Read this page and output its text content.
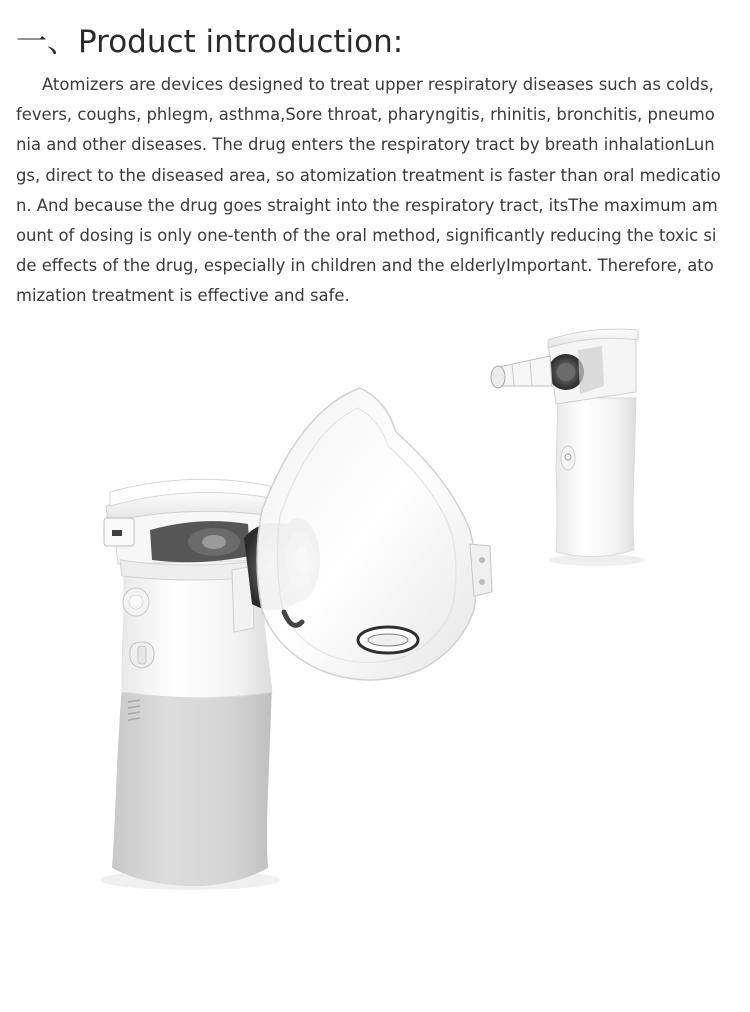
一、Product introduction:

Atomizers are devices designed to treat upper respiratory diseases such as colds, fevers, coughs, phlegm, asthma,Sore throat, pharyngitis, rhinitis, bronchitis, pneumonia and other diseases. The drug enters the respiratory tract by breath inhalationLungs, direct to the diseased area, so atomization treatment is faster than oral medication. And because the drug goes straight into the respiratory tract, itsThe maximum amount of dosing is only one-tenth of the oral method, significantly reducing the toxic side effects of the drug, especially in children and the elderlyImportant. Therefore, atomization treatment is effective and safe.
